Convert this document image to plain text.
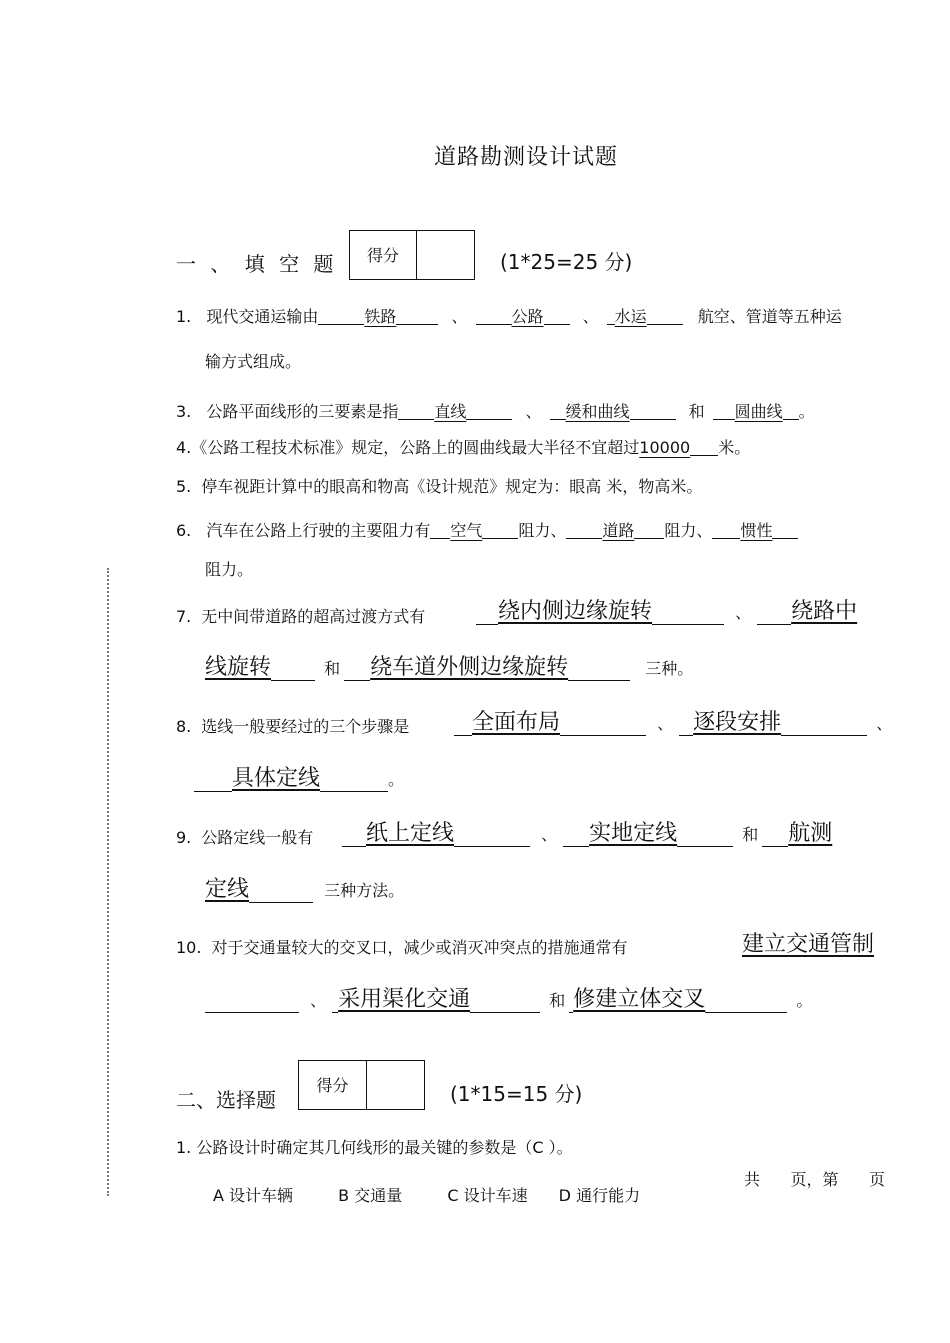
道路勘测设计试题
一 、 填 空 题	得分	(1*25=25 分)
1. 现代交通运输由	铁路	、	公路 、 水运	航空、管道等五种运
输方式组成。
3. 公路平面线形的三要素是指 直线	、 缓和曲线	和 圆曲线 。
4.《公路工程技术标准》规定，公路上的圆曲线最大半径不宜超过10000 米。
5. 停车视距计算中的眼高和物高《设计规范》规定为：眼高 米，物高米。
6. 汽车在公路上行驶的主要阻力有 空气 阻力、 道路 阻力、 惯性
阻力。
7. 无中间带道路的超高过渡方式有	绕内侧边缘旋转	、 绕路中
线旋转	和 绕车道外侧边缘旋转	三种。
8. 选线一般要经过的三个步骤是	全面布局	、 逐段安排	、
具体定线	。
9. 公路定线一般有	纸上定线	、 实地定线	和 航测
定线	三种方法。
10. 对于交通量较大的交叉口，减少或消灭冲突点的措施通常有	建立交通管制
、 采用渠化交通	和 修建立体交叉	。
二、选择题
得分	(1*15=15 分)
1. 公路设计时确定其几何线形的最关键的参数是（C ）。
A 设计车辆	B 交通量	C 设计车速 D 通行能力
共      页，第      页
